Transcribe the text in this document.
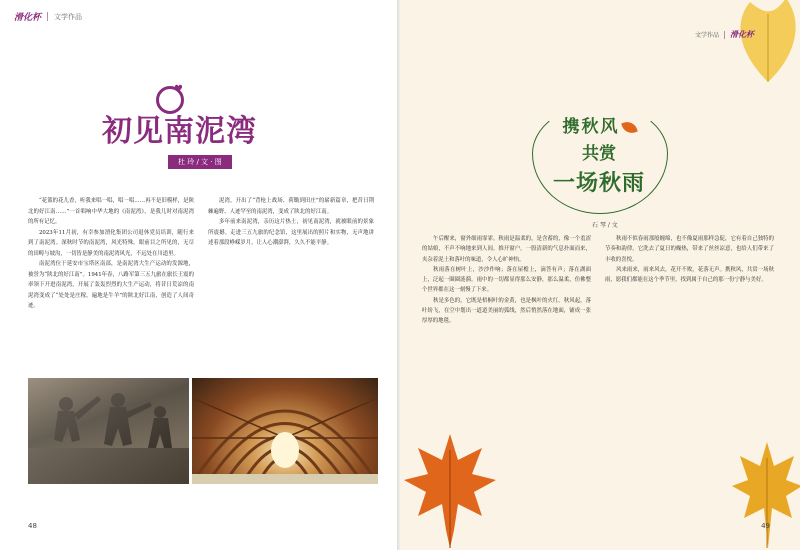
滑化杯 文学作品
♥
初见南泥湾
杜 玲 / 文 · 图

“花篮的花儿香，听我来唱一唱，唱一唱……再不是旧模样，是陕北的好江南……”一首唱响中华大地的《南泥湾》，是我儿时对南泥湾的所有记忆。

2023年11月初，有幸参加渭化集团公司退休党员培训，随行来到了南泥湾。深秋时节的南泥湾，风光特殊。眼前目之所见的，无尽的田畴与坡沟，一切皆是静美的南泥湾风光，不远处在川道里。

南泥湾位于延安市宝塔区南部，是南泥湾大生产运动的发源地，被誉为“陕北的好江南”。1941年春，八路军第三五九旅在旅长王震的率领下开进南泥湾，开展了轰轰烈烈的大生产运动，将昔日荒凉的南泥湾变成了“处处是庄稼，遍地是牛羊”的陕北好江南，创造了人间奇迹。

泥湾，开出了“背枪上战场、荷锄到田庄”的崭新篇章，把昔日荆棘遍野、人迹罕至的南泥湾，变成了陕北的好江南。

多年前来南泥湾，亲历这片热土，初见南泥湾，就被眼前的景象所震撼。走进三五九旅的纪念馆，这里展出的照片和实物，无声地讲述着那段峥嵘岁月，让人心潮澎湃，久久不能平静。

48
文学作品 滑化杯
携秋风
共赏
一场秋雨
石 琴 / 文

午后醒来，窗外细雨霏霏。秋雨是温柔的，是含蓄的，像一个羞涩的姑娘，不声不响地来到人间。推开窗户，一股清新的气息扑面而来，夹杂着泥土和落叶的味道，令人心旷神怡。

秋雨落在树叶上，沙沙作响；落在屋檐上，滴答有声；落在湖面上，泛起一圈圈涟漪。雨中的一切都显得那么安静，那么温柔，仿佛整个世界都在这一刻慢了下来。

秋是多色的，它既是梧桐叶的金黄，也是枫叶的火红。秋风起，落叶纷飞，在空中划出一道道美丽的弧线，然后悄然落在地面，铺成一张厚厚的地毯。

秋雨不似春雨那般缠绵，也不像夏雨那样急促，它有着自己独特的节奏和韵律。它洗去了夏日的燥热，带来了丝丝凉意，也给人们带来了丰收的喜悦。

风来雨来，雨来风去，花开不败，花落无声。携秋风，共赏一场秋雨，愿我们都能在这个季节里，找到属于自己的那一份宁静与美好。

49
